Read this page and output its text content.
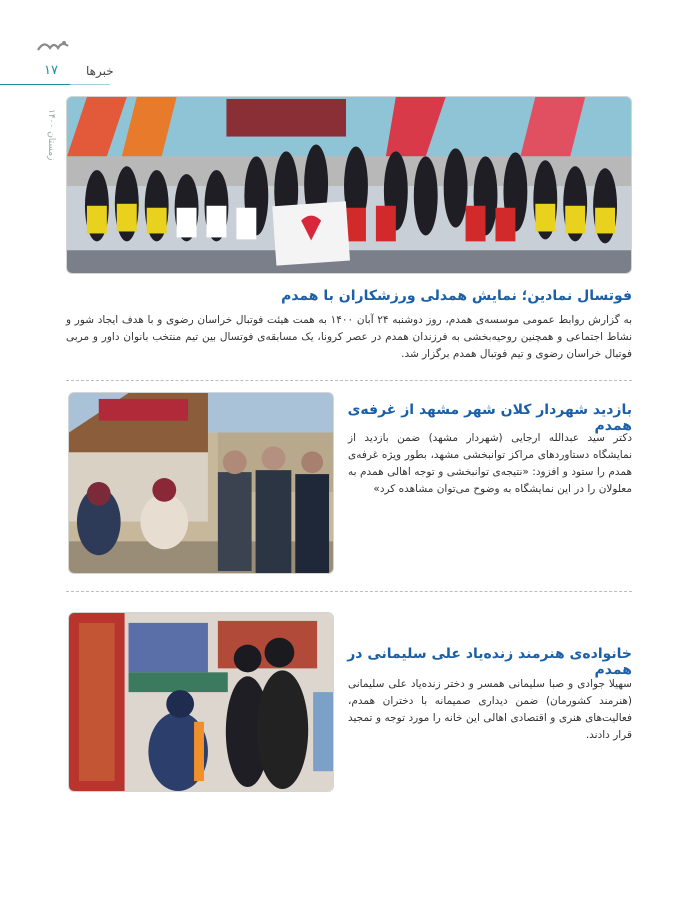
خبرها
۱۷
زمستان ۱۴۰۰
فوتسال نمادین؛ نمایش همدلی ورزشکاران با همدم
به گزارش روابط عمومی موسسه‌ی همدم، روز دوشنبه ۲۴ آبان ۱۴۰۰ به همت هیئت فوتبال خراسان رضوی و با هدف ایجاد شور و نشاط اجتماعی و همچنین روحیه‌بخشی به فرزندان همدم در عصر کرونا، یک مسابقه‌ی فوتسال بین تیم منتخب بانوان داور و مربی فوتبال خراسان رضوی و تیم فوتبال همدم برگزار شد.
بازدید شهردار کلان شهر مشهد از غرفه‌ی همدم
دکتر سید عبدالله ارجایی (شهردار مشهد) ضمن بازدید از نمایشگاه دستاوردهای مراکز توانبخشی مشهد، بطور ویژه غرفه‌ی همدم را ستود و افزود: «نتیجه‌ی توانبخشی و توجه اهالی همدم به معلولان را در این نمایشگاه به وضوح می‌توان مشاهده کرد»
خانواده‌ی هنرمند زنده‌یاد علی سلیمانی در همدم
سهیلا جوادی و صبا سلیمانی همسر و دختر زنده‌یاد علی سلیمانی (هنرمند کشورمان) ضمن دیداری صمیمانه با دختران همدم، فعالیت‌های هنری و اقتصادی اهالی این خانه را مورد توجه و تمجید قرار دادند.
